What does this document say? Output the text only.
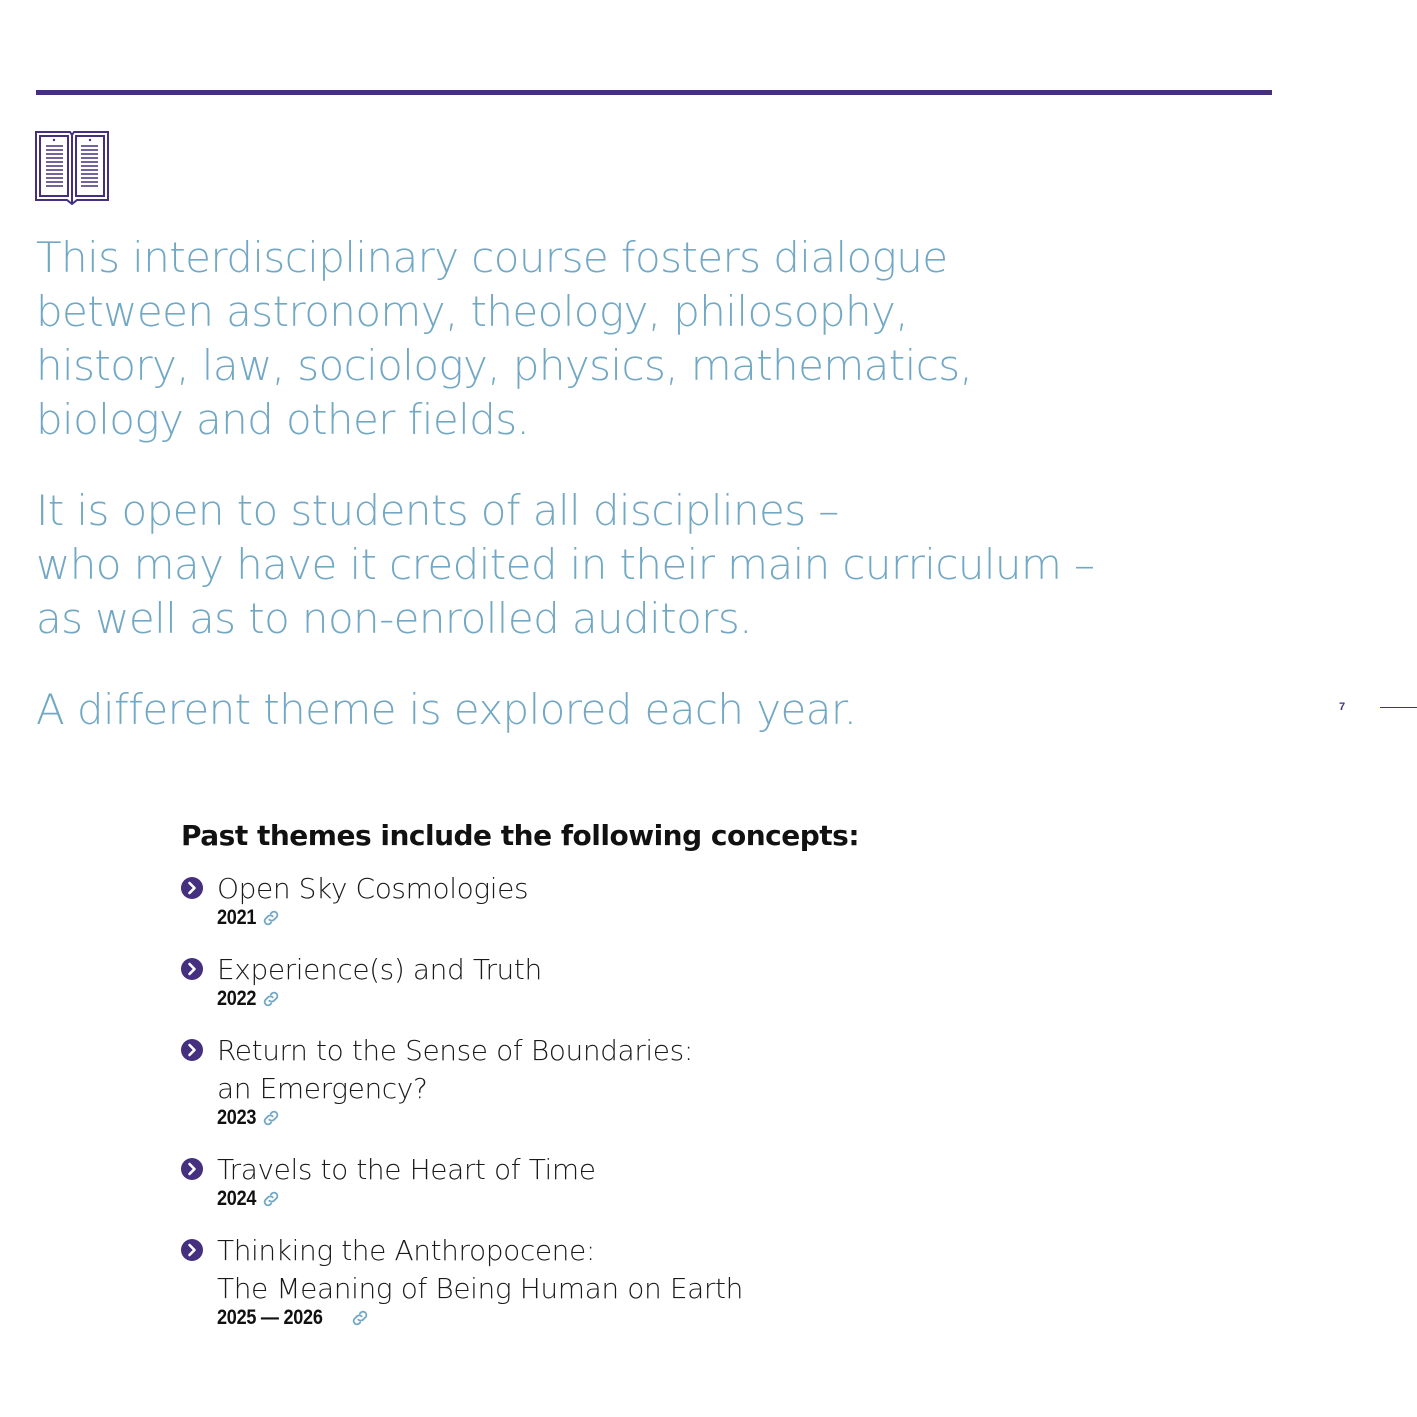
This interdisciplinary course fosters dialogue
between astronomy, theology, philosophy,
history, law, sociology, physics, mathematics,
biology and other fields.

It is open to students of all disciplines –
who may have it credited in their main curriculum –
as well as to non-enrolled auditors.

A different theme is explored each year.	7
Past themes include the following concepts:
Open Sky Cosmologies
2021
Experience(s) and Truth
2022
Return to the Sense of Boundaries:
an Emergency?
2023
Travels to the Heart of Time
2024
Thinking the Anthropocene:
The Meaning of Being Human on Earth
2025 — 2026
